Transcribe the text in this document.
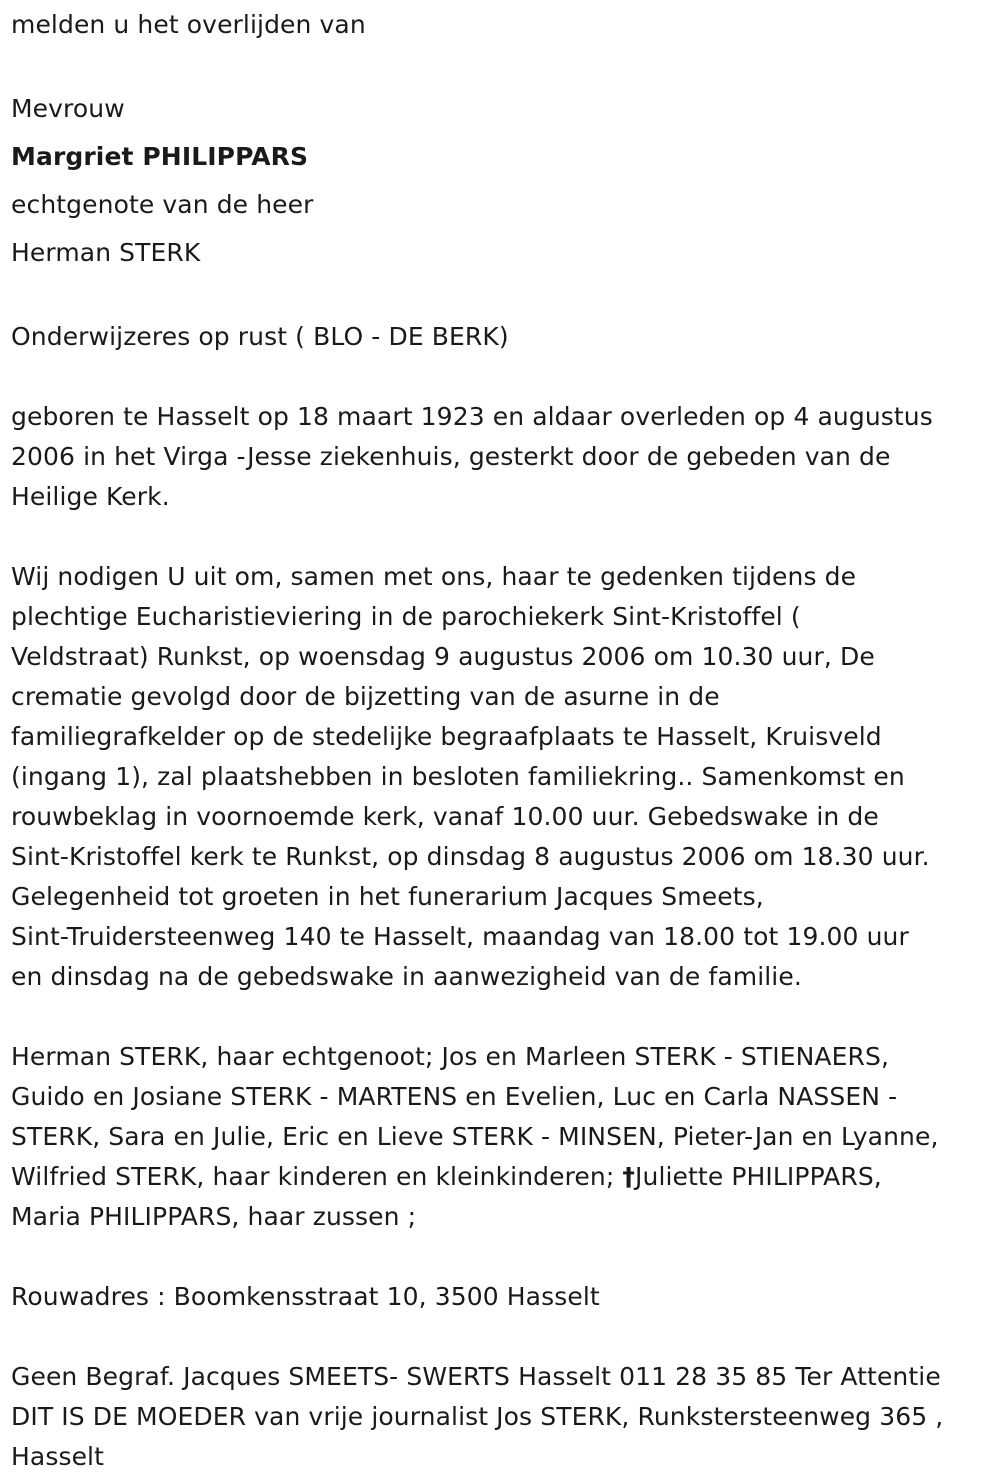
melden u het overlijden van

Mevrouw

Margriet PHILIPPARS

echtgenote van de heer

Herman STERK

Onderwijzeres op rust ( BLO - DE BERK)

geboren te Hasselt op 18 maart 1923 en aldaar overleden op 4 augustus
2006 in het Virga -Jesse ziekenhuis, gesterkt door de gebeden van de
Heilige Kerk.

Wij nodigen U uit om, samen met ons, haar te gedenken tijdens de
plechtige Eucharistieviering in de parochiekerk Sint-Kristoffel (
Veldstraat) Runkst, op woensdag 9 augustus 2006 om 10.30 uur, De
crematie gevolgd door de bijzetting van de asurne in de
familiegrafkelder op de stedelijke begraafplaats te Hasselt, Kruisveld
(ingang 1), zal plaatshebben in besloten familiekring.. Samenkomst en
rouwbeklag in voornoemde kerk, vanaf 10.00 uur. Gebedswake in de
Sint-Kristoffel kerk te Runkst, op dinsdag 8 augustus 2006 om 18.30 uur.
Gelegenheid tot groeten in het funerarium Jacques Smeets,
Sint-Truidersteenweg 140 te Hasselt, maandag van 18.00 tot 19.00 uur
en dinsdag na de gebedswake in aanwezigheid van de familie.

Herman STERK, haar echtgenoot; Jos en Marleen STERK - STIENAERS,
Guido en Josiane STERK - MARTENS en Evelien, Luc en Carla NASSEN -
STERK, Sara en Julie, Eric en Lieve STERK - MINSEN, Pieter-Jan en Lyanne,
Wilfried STERK, haar kinderen en kleinkinderen; †Juliette PHILIPPARS,
Maria PHILIPPARS, haar zussen ;

Rouwadres : Boomkensstraat 10, 3500 Hasselt

Geen Begraf. Jacques SMEETS- SWERTS Hasselt 011 28 35 85 Ter Attentie
DIT IS DE MOEDER van vrije journalist Jos STERK, Runkstersteenweg 365 ,
Hasselt
